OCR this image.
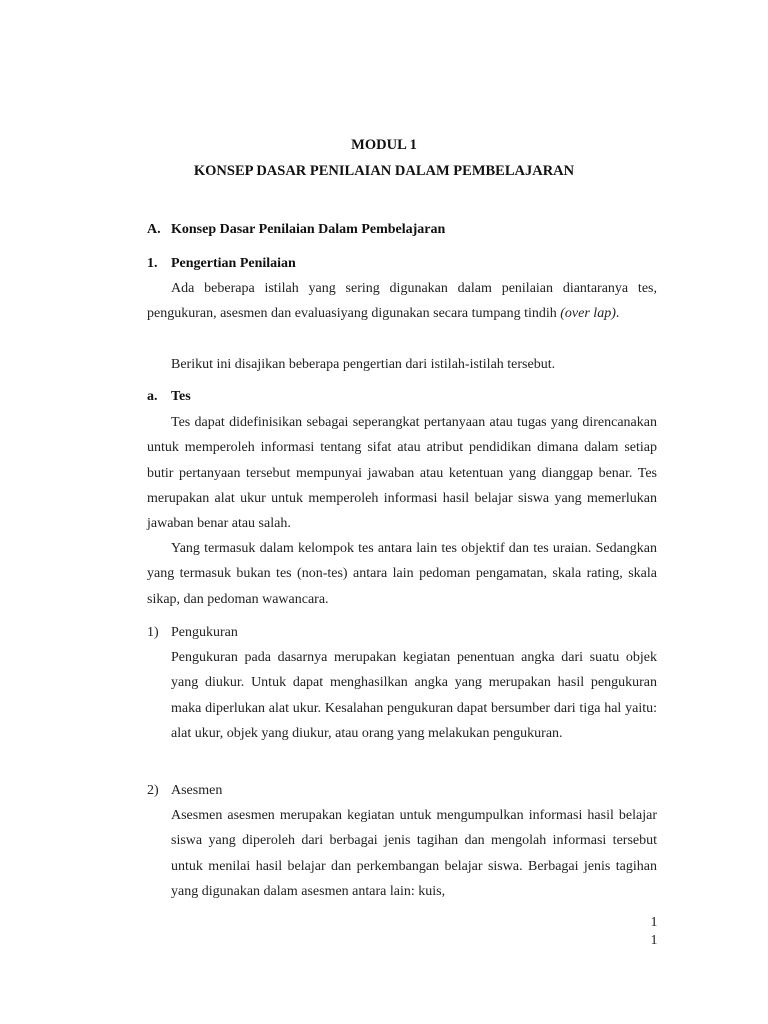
MODUL 1
KONSEP DASAR PENILAIAN DALAM PEMBELAJARAN
A. Konsep Dasar Penilaian Dalam Pembelajaran
1. Pengertian Penilaian

Ada beberapa istilah yang sering digunakan dalam penilaian diantaranya tes, pengukuran, asesmen dan evaluasiyang digunakan secara tumpang tindih (over lap).

Berikut ini disajikan beberapa pengertian dari istilah-istilah tersebut.

a. Tes

Tes dapat didefinisikan sebagai seperangkat pertanyaan atau tugas yang direncanakan untuk memperoleh informasi tentang sifat atau atribut pendidikan dimana dalam setiap butir pertanyaan tersebut mempunyai jawaban atau ketentuan yang dianggap benar. Tes merupakan alat ukur untuk memperoleh informasi hasil belajar siswa yang memerlukan jawaban benar atau salah.

Yang termasuk dalam kelompok tes antara lain tes objektif dan tes uraian. Sedangkan yang termasuk bukan tes (non-tes) antara lain pedoman pengamatan, skala rating, skala sikap, dan pedoman wawancara.

1) Pengukuran

Pengukuran pada dasarnya merupakan kegiatan penentuan angka dari suatu objek yang diukur. Untuk dapat menghasilkan angka yang merupakan hasil pengukuran maka diperlukan alat ukur. Kesalahan pengukuran dapat bersumber dari tiga hal yaitu: alat ukur, objek yang diukur, atau orang yang melakukan pengukuran.

2) Asesmen

Asesmen asesmen merupakan kegiatan untuk mengumpulkan informasi hasil belajar siswa yang diperoleh dari berbagai jenis tagihan dan mengolah informasi tersebut untuk menilai hasil belajar dan perkembangan belajar siswa. Berbagai jenis tagihan yang digunakan dalam asesmen antara lain: kuis,

1
1
